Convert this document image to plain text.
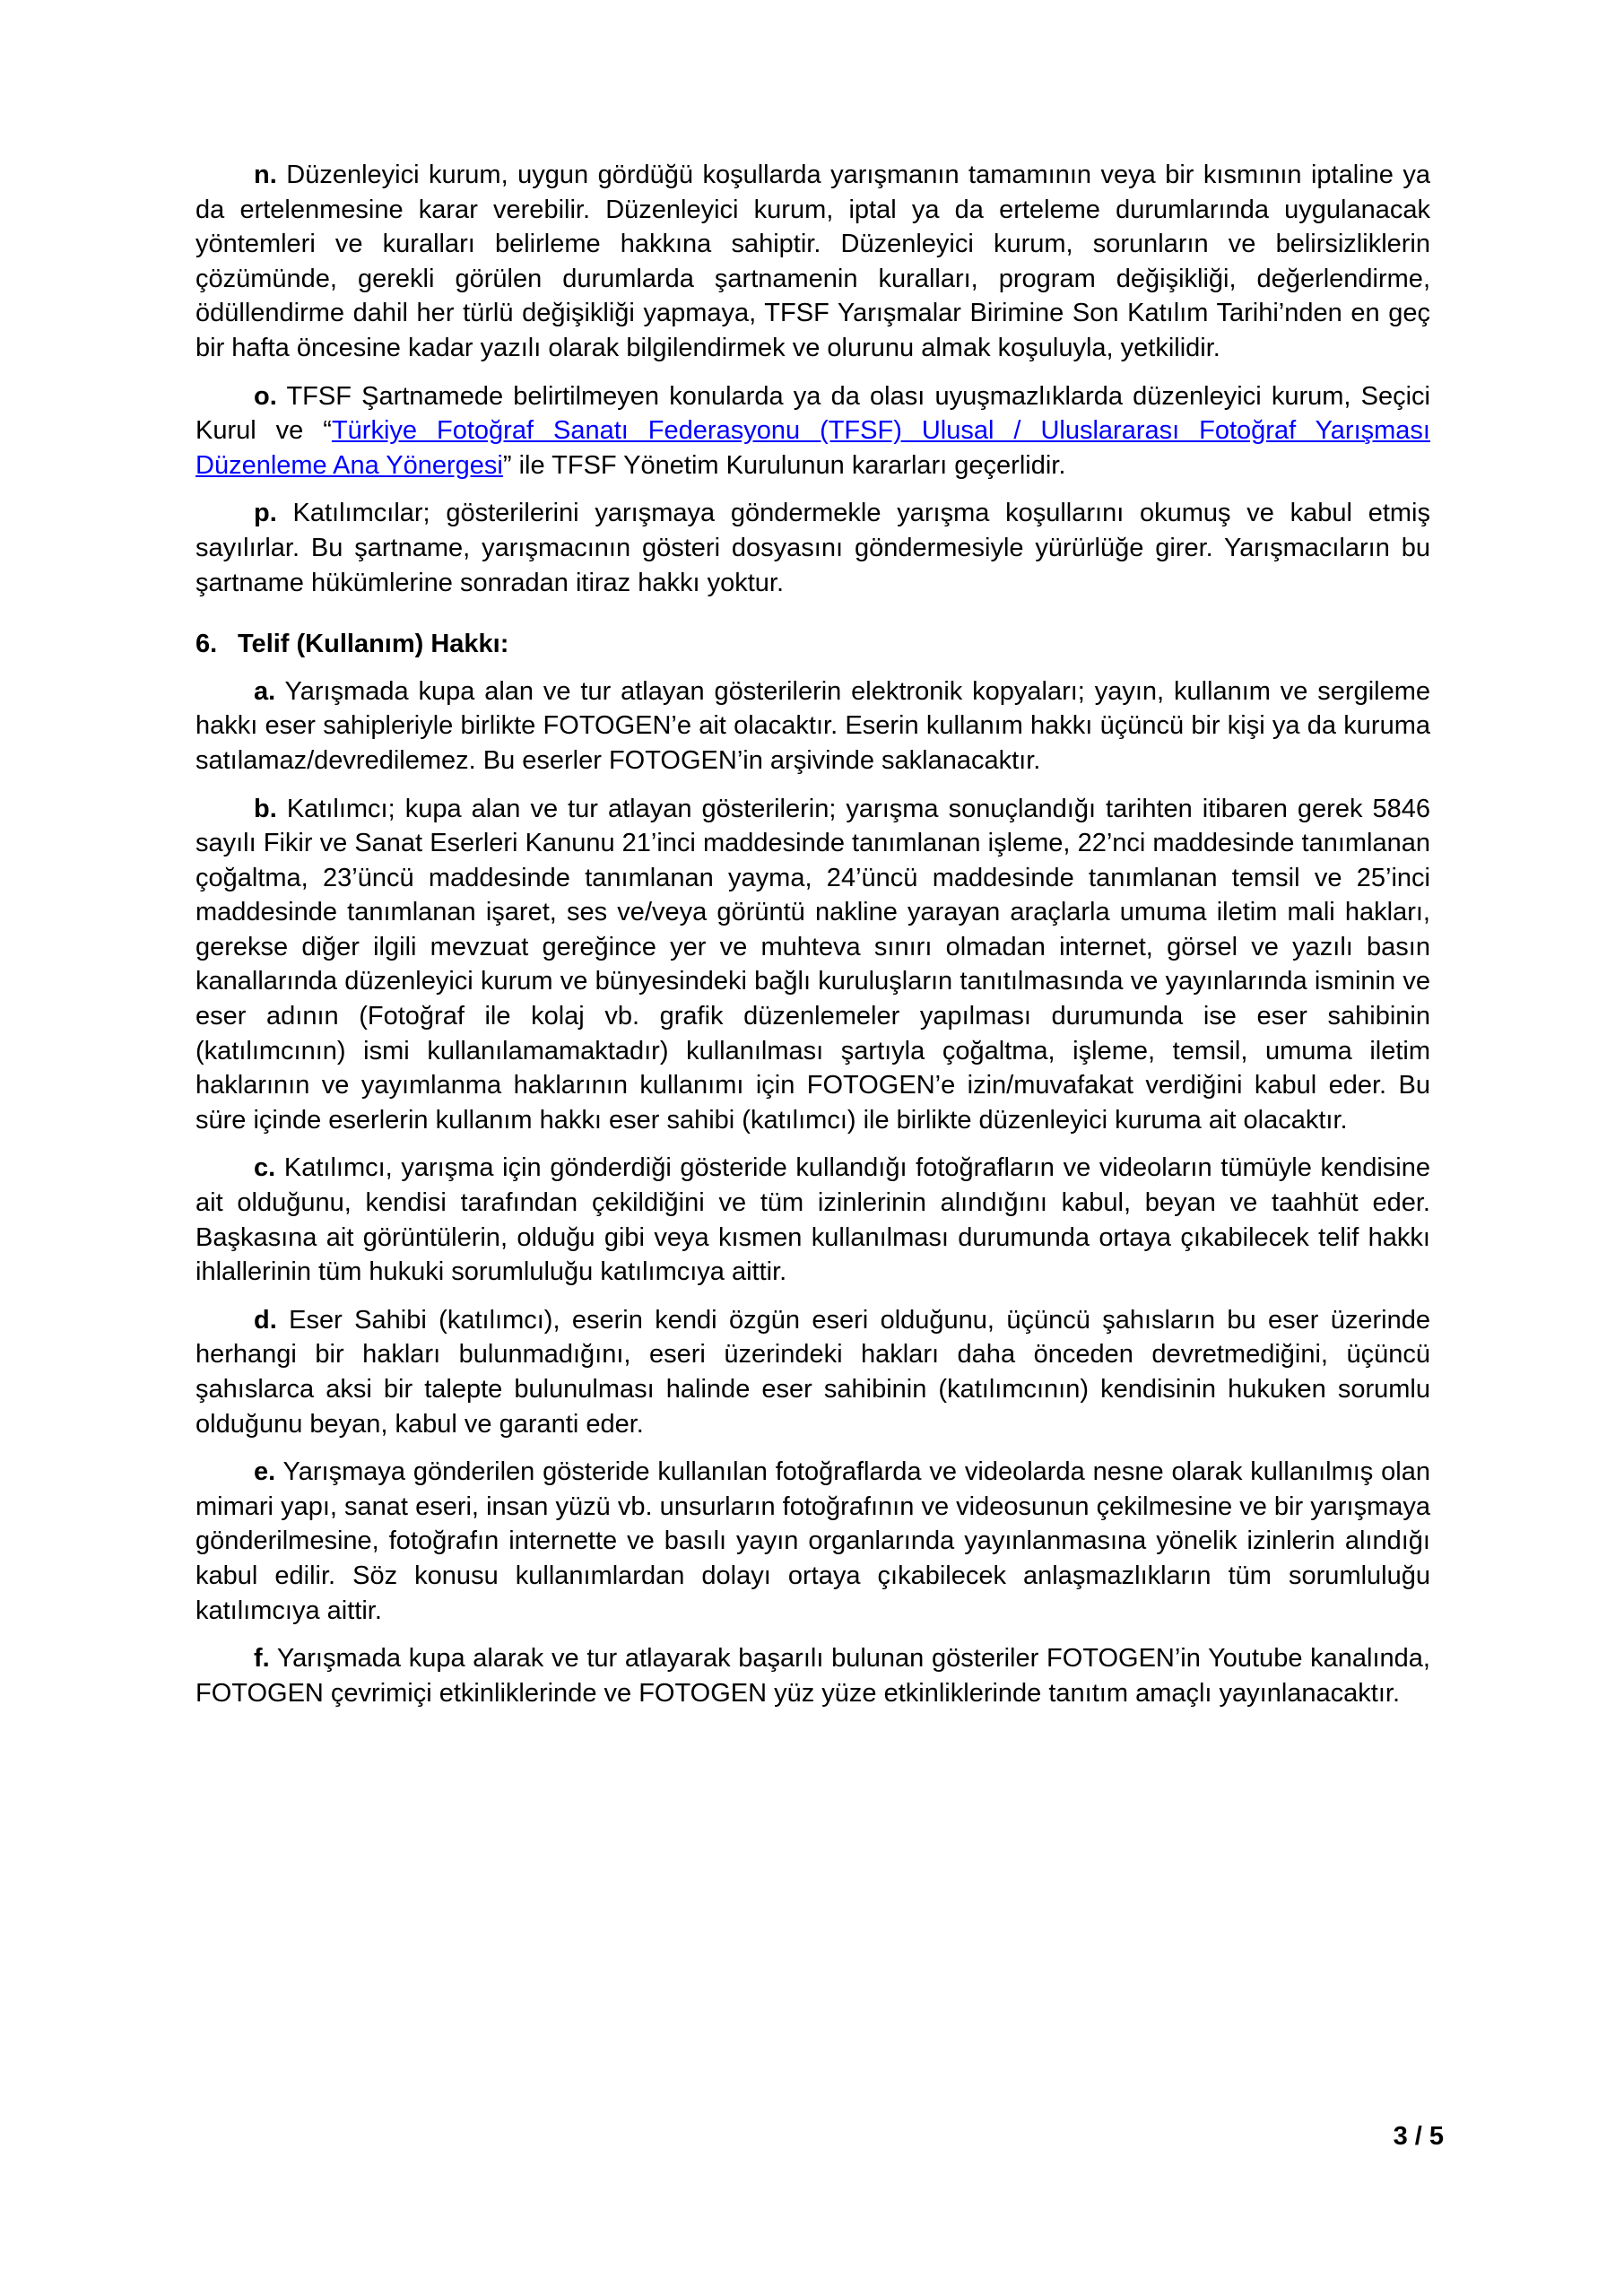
n. Düzenleyici kurum, uygun gördüğü koşullarda yarışmanın tamamının veya bir kısmının iptaline ya da ertelenmesine karar verebilir. Düzenleyici kurum, iptal ya da erteleme durumlarında uygulanacak yöntemleri ve kuralları belirleme hakkına sahiptir. Düzenleyici kurum, sorunların ve belirsizliklerin çözümünde, gerekli görülen durumlarda şartnamenin kuralları, program değişikliği, değerlendirme, ödüllendirme dahil her türlü değişikliği yapmaya, TFSF Yarışmalar Birimine Son Katılım Tarihi’nden en geç bir hafta öncesine kadar yazılı olarak bilgilendirmek ve olurunu almak koşuluyla, yetkilidir.

o. TFSF Şartnamede belirtilmeyen konularda ya da olası uyuşmazlıklarda düzenleyici kurum, Seçici Kurul ve “Türkiye Fotoğraf Sanatı Federasyonu (TFSF) Ulusal / Uluslararası Fotoğraf Yarışması Düzenleme Ana Yönergesi” ile TFSF Yönetim Kurulunun kararları geçerlidir.

p. Katılımcılar; gösterilerini yarışmaya göndermekle yarışma koşullarını okumuş ve kabul etmiş sayılırlar. Bu şartname, yarışmacının gösteri dosyasını göndermesiyle yürürlüğe girer. Yarışmacıların bu şartname hükümlerine sonradan itiraz hakkı yoktur.

6. Telif (Kullanım) Hakkı:

a. Yarışmada kupa alan ve tur atlayan gösterilerin elektronik kopyaları; yayın, kullanım ve sergileme hakkı eser sahipleriyle birlikte FOTOGEN’e ait olacaktır. Eserin kullanım hakkı üçüncü bir kişi ya da kuruma satılamaz/devredilemez. Bu eserler FOTOGEN’in arşivinde saklanacaktır.

b. Katılımcı; kupa alan ve tur atlayan gösterilerin; yarışma sonuçlandığı tarihten itibaren gerek 5846 sayılı Fikir ve Sanat Eserleri Kanunu 21’inci maddesinde tanımlanan işleme, 22’nci maddesinde tanımlanan çoğaltma, 23’üncü maddesinde tanımlanan yayma, 24’üncü maddesinde tanımlanan temsil ve 25’inci maddesinde tanımlanan işaret, ses ve/veya görüntü nakline yarayan araçlarla umuma iletim mali hakları, gerekse diğer ilgili mevzuat gereğince yer ve muhteva sınırı olmadan internet, görsel ve yazılı basın kanallarında düzenleyici kurum ve bünyesindeki bağlı kuruluşların tanıtılmasında ve yayınlarında isminin ve eser adının (Fotoğraf ile kolaj vb. grafik düzenlemeler yapılması durumunda ise eser sahibinin (katılımcının) ismi kullanılamamaktadır) kullanılması şartıyla çoğaltma, işleme, temsil, umuma iletim haklarının ve yayımlanma haklarının kullanımı için FOTOGEN’e izin/muvafakat verdiğini kabul eder. Bu süre içinde eserlerin kullanım hakkı eser sahibi (katılımcı) ile birlikte düzenleyici kuruma ait olacaktır.

c. Katılımcı, yarışma için gönderdiği gösteride kullandığı fotoğrafların ve videoların tümüyle kendisine ait olduğunu, kendisi tarafından çekildiğini ve tüm izinlerinin alındığını kabul, beyan ve taahhüt eder. Başkasına ait görüntülerin, olduğu gibi veya kısmen kullanılması durumunda ortaya çıkabilecek telif hakkı ihlallerinin tüm hukuki sorumluluğu katılımcıya aittir.

d. Eser Sahibi (katılımcı), eserin kendi özgün eseri olduğunu, üçüncü şahısların bu eser üzerinde herhangi bir hakları bulunmadığını, eseri üzerindeki hakları daha önceden devretmediğini, üçüncü şahıslarca aksi bir talepte bulunulması halinde eser sahibinin (katılımcının) kendisinin hukuken sorumlu olduğunu beyan, kabul ve garanti eder.

e. Yarışmaya gönderilen gösteride kullanılan fotoğraflarda ve videolarda nesne olarak kullanılmış olan mimari yapı, sanat eseri, insan yüzü vb. unsurların fotoğrafının ve videosunun çekilmesine ve bir yarışmaya gönderilmesine, fotoğrafın internette ve basılı yayın organlarında yayınlanmasına yönelik izinlerin alındığı kabul edilir. Söz konusu kullanımlardan dolayı ortaya çıkabilecek anlaşmazlıkların tüm sorumluluğu katılımcıya aittir.

f. Yarışmada kupa alarak ve tur atlayarak başarılı bulunan gösteriler FOTOGEN’in Youtube kanalında, FOTOGEN çevrimiçi etkinliklerinde ve FOTOGEN yüz yüze etkinliklerinde tanıtım amaçlı yayınlanacaktır.

3 / 5
